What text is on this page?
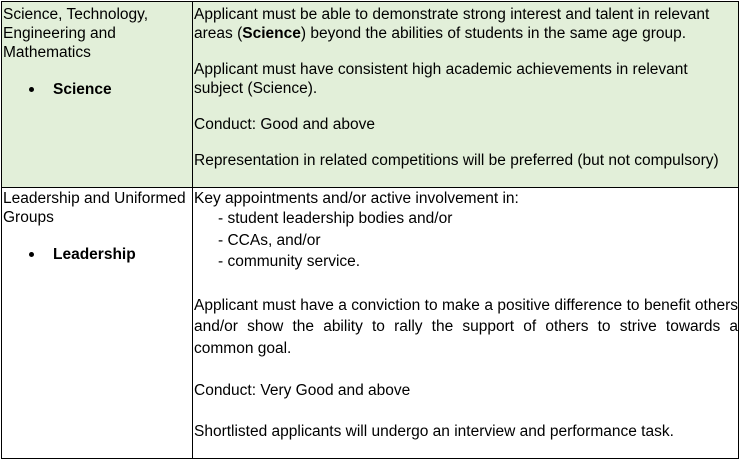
Science, Technology, Engineering and Mathematics

Science

Applicant must be able to demonstrate strong interest and talent in relevant areas (Science) beyond the abilities of students in the same age group.

Applicant must have consistent high academic achievements in relevant subject (Science).

Conduct: Good and above

Representation in related competitions will be preferred (but not compulsory)

Leadership and Uniformed Groups

Leadership

Key appointments and/or active involvement in:

- student leadership bodies and/or

- CCAs, and/or

- community service.

Applicant must have a conviction to make a positive difference to benefit others and/or show the ability to rally the support of others to strive towards a common goal.

Conduct: Very Good and above

Shortlisted applicants will undergo an interview and performance task.
